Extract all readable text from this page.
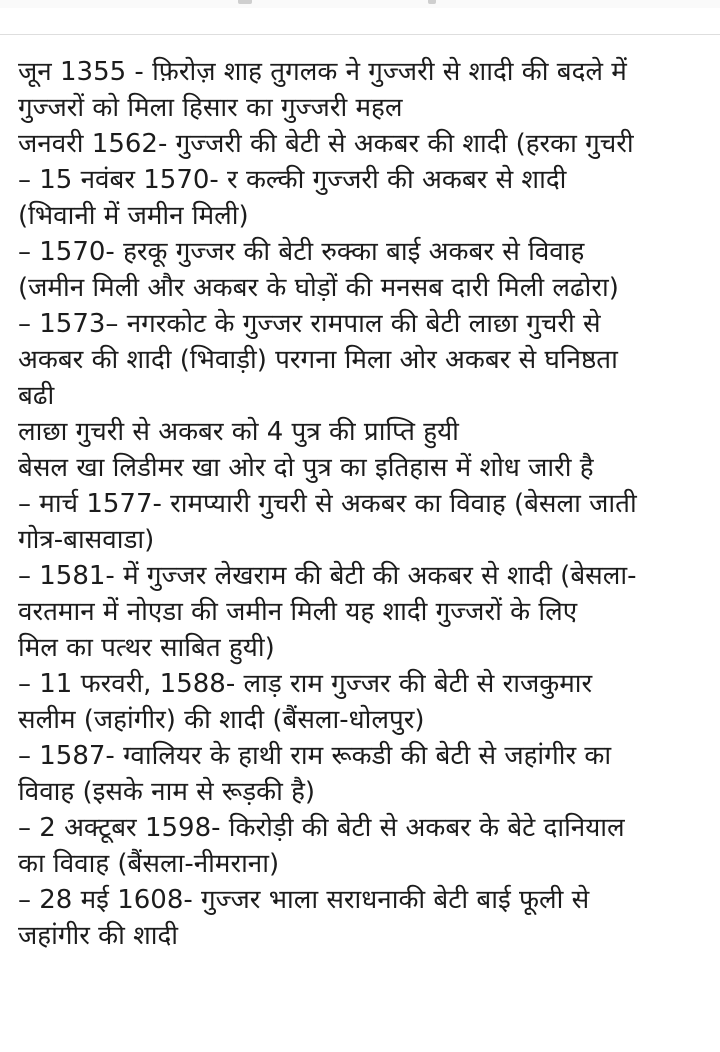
जून 1355 - फ़िरोज़ शाह तुगलक ने गुज्जरी से शादी की बदले में
गुज्जरों को मिला हिसार का गुज्जरी महल
जनवरी 1562- गुज्जरी की बेटी से अकबर की शादी (हरका गुचरी
– 15 नवंबर 1570- र कल्की गुज्जरी की अकबर से शादी
(भिवानी में जमीन मिली)
– 1570- हरकू गुज्जर की बेटी रुक्का बाई अकबर से विवाह
(जमीन मिली और अकबर के घोड़ों की मनसब दारी मिली लढोरा)
– 1573– नगरकोट के गुज्जर रामपाल की बेटी लाछा गुचरी से
अकबर की शादी (भिवाड़ी) परगना मिला ओर अकबर से घनिष्ठता
बढी
लाछा गुचरी से अकबर को 4 पुत्र की प्राप्ति हुयी
बेसल खा लिडीमर खा ओर दो पुत्र का इतिहास में शोध जारी है
– मार्च 1577- रामप्यारी गुचरी से अकबर का विवाह (बेसला जाती
गोत्र-बासवाडा)
– 1581- में गुज्जर लेखराम की बेटी की अकबर से शादी (बेसला-
वरतमान में नोएडा की जमीन मिली यह शादी गुज्जरों के लिए
मिल का पत्थर साबित हुयी)
– 11 फरवरी, 1588- लाड़ राम गुज्जर की बेटी से राजकुमार
सलीम (जहांगीर) की शादी (बैंसला-धोलपुर)
– 1587- ग्वालियर के हाथी राम रूकडी की बेटी से जहांगीर का
विवाह (इसके नाम से रूड़की है)
– 2 अक्टूबर 1598- किरोड़ी की बेटी से अकबर के बेटे दानियाल
का विवाह (बैंसला-नीमराना)
– 28 मई 1608- गुज्जर भाला सराधनाकी बेटी बाई फूली से
जहांगीर की शादी
